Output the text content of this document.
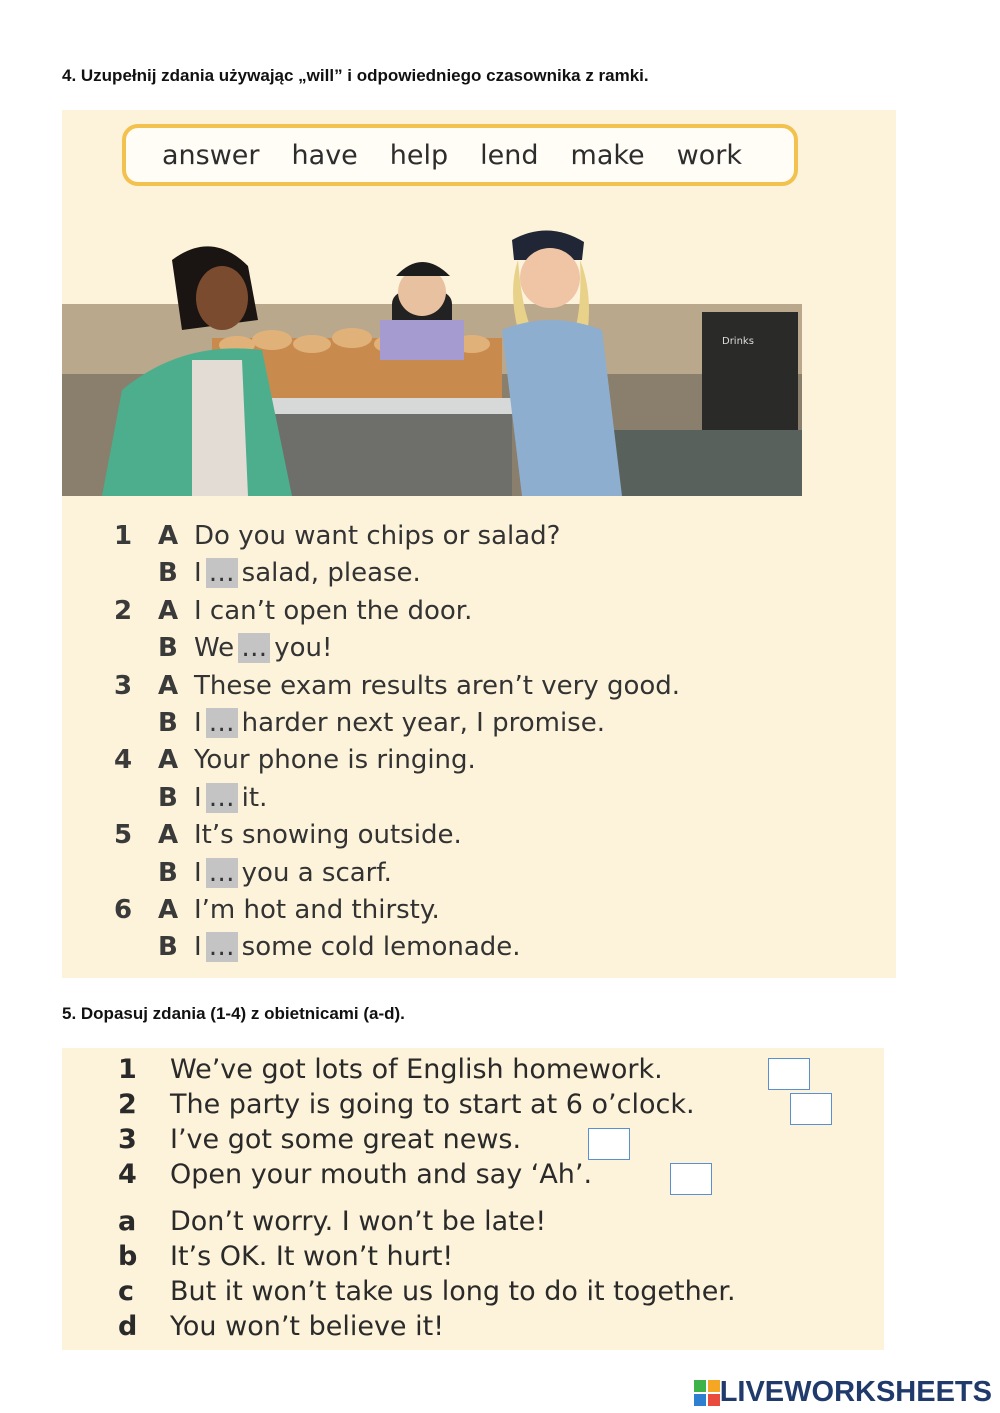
4. Uzupełnij zdania używając „will” i odpowiedniego czasownika z ramki.
answer have help lend make work
Drinks
1 A Do you want chips or salad?
B I … salad, please.
2 A I can’t open the door.
B We … you!
3 A These exam results aren’t very good.
B I … harder next year, I promise.
4 A Your phone is ringing.
B I … it.
5 A It’s snowing outside.
B I … you a scarf.
6 A I’m hot and thirsty.
B I … some cold lemonade.
5. Dopasuj zdania (1-4) z obietnicami (a-d).
1 We’ve got lots of English homework.
2 The party is going to start at 6 o’clock.
3 I’ve got some great news.
4 Open your mouth and say ‘Ah’.
a Don’t worry. I won’t be late!
b It’s OK. It won’t hurt!
c But it won’t take us long to do it together.
d You won’t believe it!
LIVEWORKSHEETS
